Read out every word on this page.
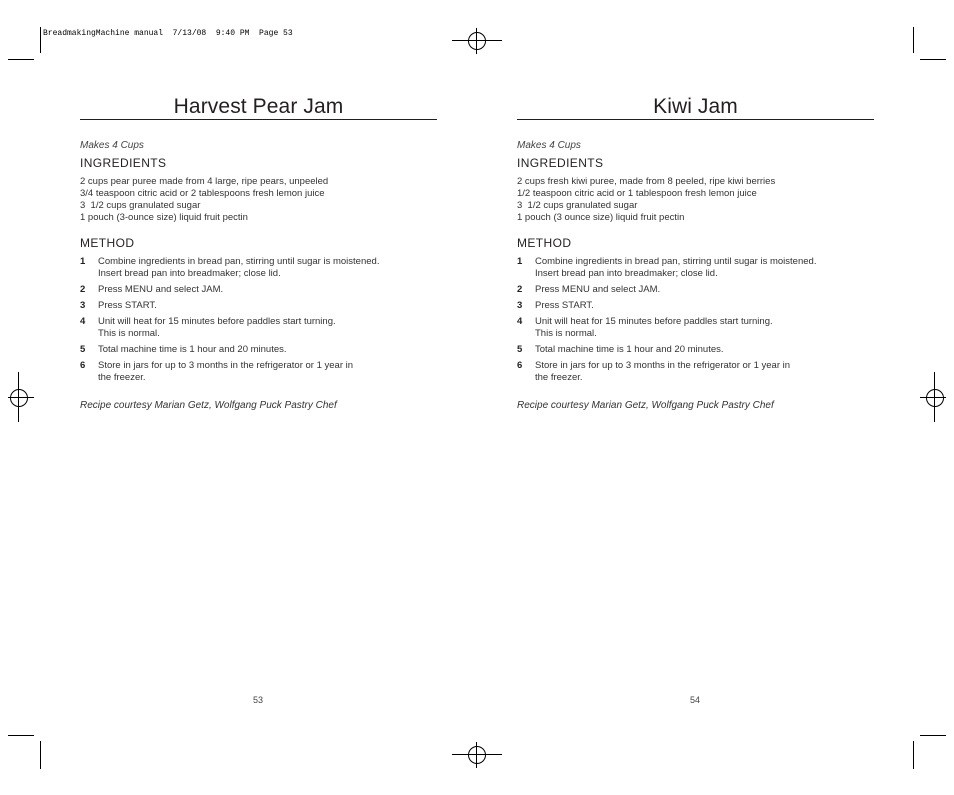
BreadmakingMachine manual  7/13/08  9:40 PM  Page 53
Harvest Pear Jam
Makes 4 Cups
INGREDIENTS
2 cups pear puree made from 4 large, ripe pears, unpeeled
3/4 teaspoon citric acid or 2 tablespoons fresh lemon juice
3  1/2 cups granulated sugar
1 pouch (3-ounce size) liquid fruit pectin
METHOD
1	Combine ingredients in bread pan, stirring until sugar is moistened.
Insert bread pan into breadmaker; close lid.
2	Press MENU and select JAM.
3	Press START.
4	Unit will heat for 15 minutes before paddles start turning.
This is normal.
5	Total machine time is 1 hour and 20 minutes.
6	Store in jars for up to 3 months in the refrigerator or 1 year in
the freezer.
Recipe courtesy Marian Getz, Wolfgang Puck Pastry Chef
Kiwi Jam
Makes 4 Cups
INGREDIENTS
2 cups fresh kiwi puree, made from 8 peeled, ripe kiwi berries
1/2 teaspoon citric acid or 1 tablespoon fresh lemon juice
3  1/2 cups granulated sugar
1 pouch (3 ounce size) liquid fruit pectin
METHOD
1	Combine ingredients in bread pan, stirring until sugar is moistened.
Insert bread pan into breadmaker; close lid.
2	Press MENU and select JAM.
3	Press START.
4	Unit will heat for 15 minutes before paddles start turning.
This is normal.
5	Total machine time is 1 hour and 20 minutes.
6	Store in jars for up to 3 months in the refrigerator or 1 year in
the freezer.
Recipe courtesy Marian Getz, Wolfgang Puck Pastry Chef
53	54
